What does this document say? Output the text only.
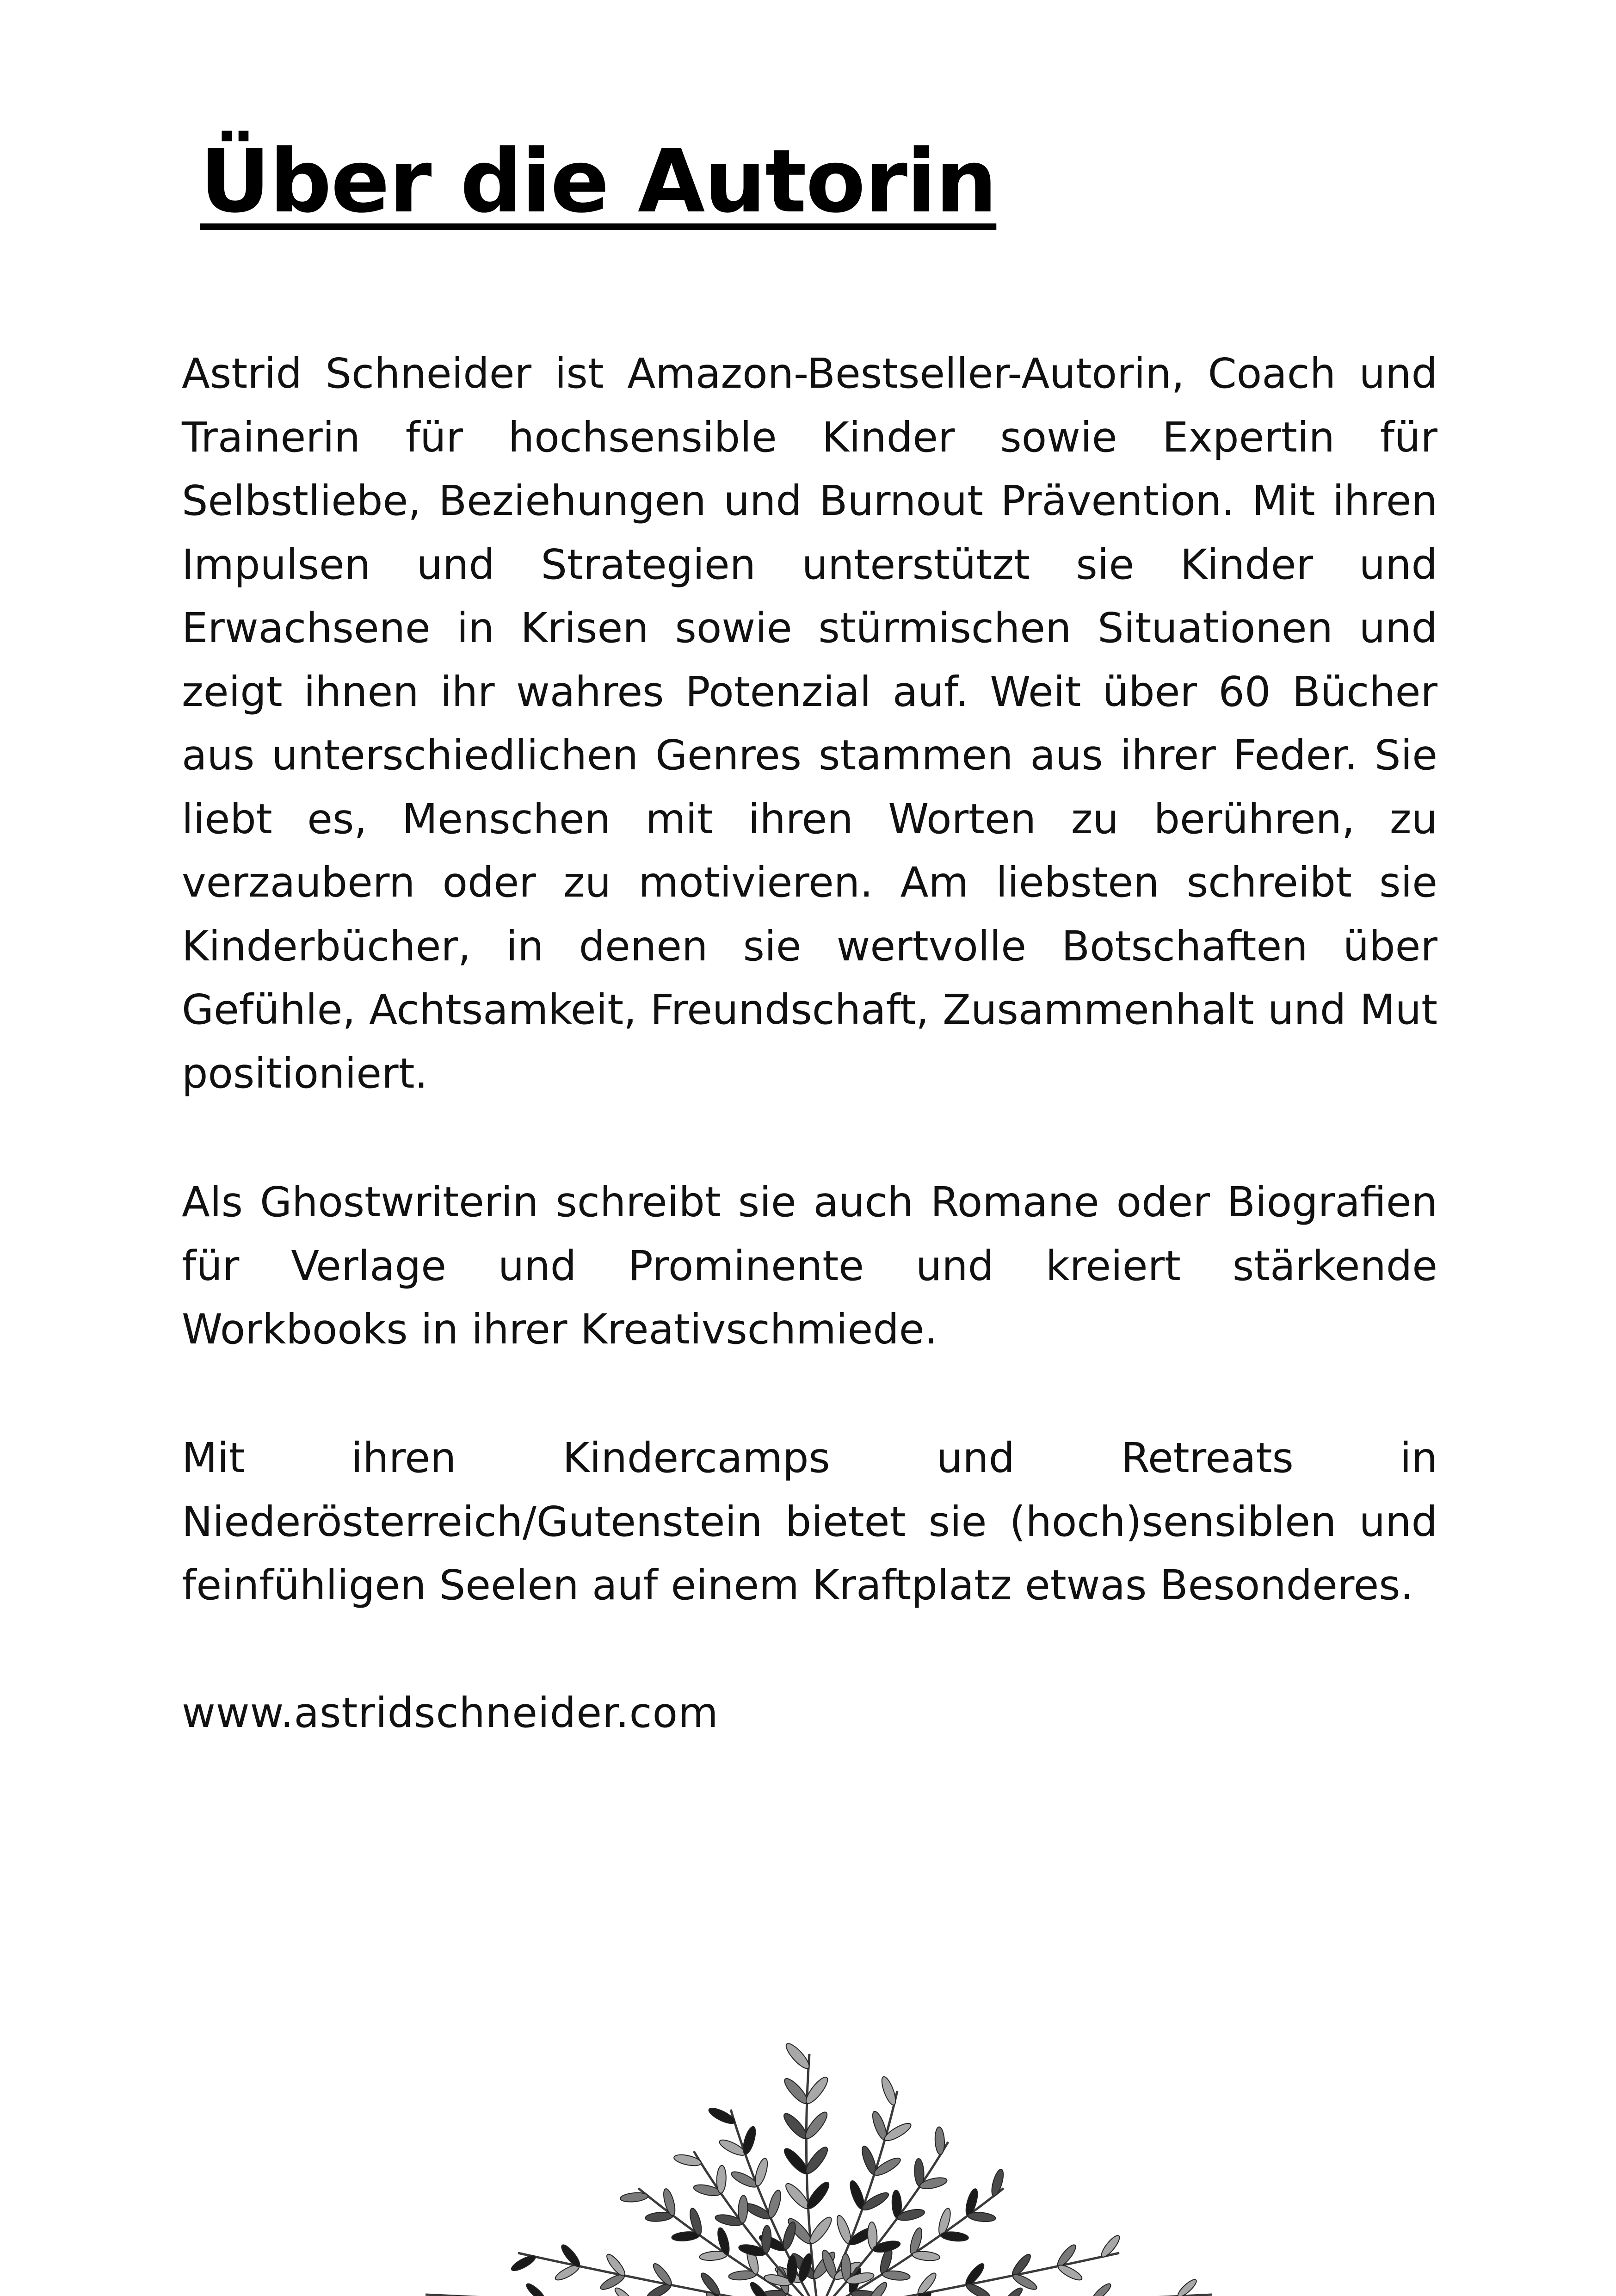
Über die Autorin

Astrid Schneider ist Amazon-Bestseller-Autorin, Coach und Trainerin für hochsensible Kinder sowie Expertin für Selbstliebe, Beziehungen und Burnout Prävention. Mit ihren Impulsen und Strategien unterstützt sie Kinder und Erwachsene in Krisen sowie stürmischen Situationen und zeigt ihnen ihr wahres Potenzial auf. Weit über 60 Bücher aus unterschiedlichen Genres stammen aus ihrer Feder. Sie liebt es, Menschen mit ihren Worten zu berühren, zu verzaubern oder zu motivieren. Am liebsten schreibt sie Kinderbücher, in denen sie wertvolle Botschaften über Gefühle, Achtsamkeit, Freundschaft, Zusammenhalt und Mut positioniert.

Als Ghostwriterin schreibt sie auch Romane oder Biografien für Verlage und Prominente und kreiert stärkende Workbooks in ihrer Kreativschmiede.

Mit ihren Kindercamps und Retreats in
Niederösterreich/Gutenstein bietet sie (hoch)sensiblen und feinfühligen Seelen auf einem Kraftplatz etwas Besonderes.

www.astridschneider.com
